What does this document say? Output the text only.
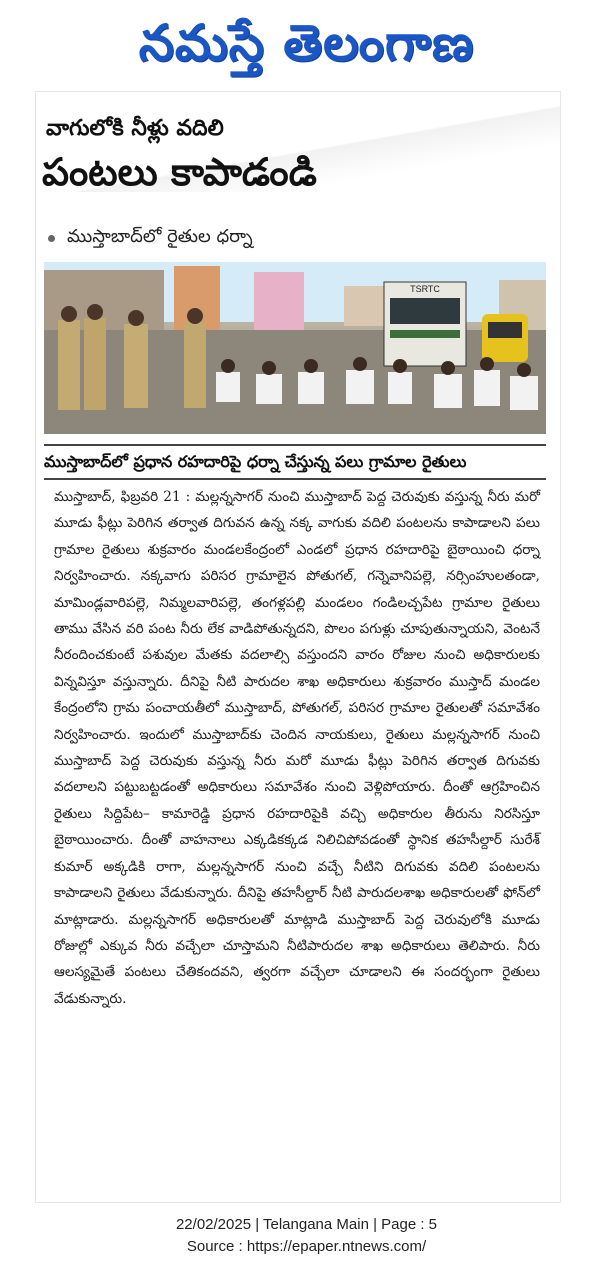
నమస్తే తెలంగాణ
వాగులోకి నీళ్లు వదిలి
పంటలు కాపాడండి
ముస్తాబాద్‌లో రైతుల ధర్నా
TSRTC
ముస్తాబాద్‌లో ప్రధాన రహదారిపై ధర్నా చేస్తున్న పలు గ్రామాల రైతులు

ముస్తాబాద్, ఫిబ్రవరి 21 : మల్లన్నసాగర్ నుంచి ముస్తాబాద్ పెద్ద చెరువుకు వస్తున్న నీరు మరో మూడు ఫీట్లు పెరిగిన తర్వాత దిగువన ఉన్న నక్క వాగుకు వదిలి పంటలను కాపాడాలని పలు గ్రామాల రైతులు శుక్రవారం మండలకేంద్రంలో ఎండలో ప్రధాన రహదారిపై బైఠాయించి ధర్నా నిర్వహించారు. నక్కవాగు పరిసర గ్రామాలైన పోతుగల్, గన్నెవానిపల్లె, నర్సింహులతండా, మామిండ్లవారిపల్లె, నిమ్మలవారిపల్లె, తంగళ్లపల్లి మండలం గండిలచ్చపేట గ్రామాల రైతులు తాము వేసిన వరి పంట నీరు లేక వాడిపోతున్నదని, పొలం పగుళ్లు చూపుతున్నాయని, వెంటనే నీరందించకుంటే పశువుల మేతకు వదలాల్సి వస్తుందని వారం రోజుల నుంచి అధికారులకు విన్నవిస్తూ వస్తున్నారు. దీనిపై నీటి పారుదల శాఖ అధికారులు శుక్రవారం ముస్తాద్ మండల కేంద్రంలోని గ్రామ పంచాయతీలో ముస్తాబాద్, పోతుగల్, పరిసర గ్రామాల రైతులతో సమావేశం నిర్వహించారు. ఇందులో ముస్తాబాద్‌కు చెందిన నాయకులు, రైతులు మల్లన్నసాగర్ నుంచి ముస్తాబాద్ పెద్ద చెరువుకు వస్తున్న నీరు మరో మూడు ఫీట్లు పెరిగిన తర్వాత దిగువకు వదలాలని పట్టుబట్టడంతో అధికారులు సమావేశం నుంచి వెళ్లిపోయారు. దీంతో ఆగ్రహించిన రైతులు సిద్దిపేట– కామారెడ్డి ప్రధాన రహదారిపైకి వచ్చి అధికారుల తీరును నిరసిస్తూ బైఠాయించారు. దీంతో వాహనాలు ఎక్కడికక్కడ నిలిచిపోవడంతో స్థానిక తహసీల్దార్ సురేశ్ కుమార్ అక్కడికి రాగా, మల్లన్నసాగర్ నుంచి వచ్చే నీటిని దిగువకు వదిలి పంటలను కాపాడాలని రైతులు వేడుకున్నారు. దీనిపై తహసీల్దార్ నీటి పారుదలశాఖ అధికారులతో ఫోన్‌లో మాట్లాడారు. మల్లన్నసాగర్ అధికారులతో మాట్లాడి ముస్తాబాద్ పెద్ద చెరువులోకి మూడు రోజుల్లో ఎక్కువ నీరు వచ్చేలా చూస్తామని నీటిపారుదల శాఖ అధికారులు తెలిపారు. నీరు ఆలస్యమైతే పంటలు చేతికందవని, త్వరగా వచ్చేలా చూడాలని ఈ సందర్భంగా రైతులు వేడుకున్నారు.

22/02/2025 | Telangana Main | Page : 5
Source : https://epaper.ntnews.com/
